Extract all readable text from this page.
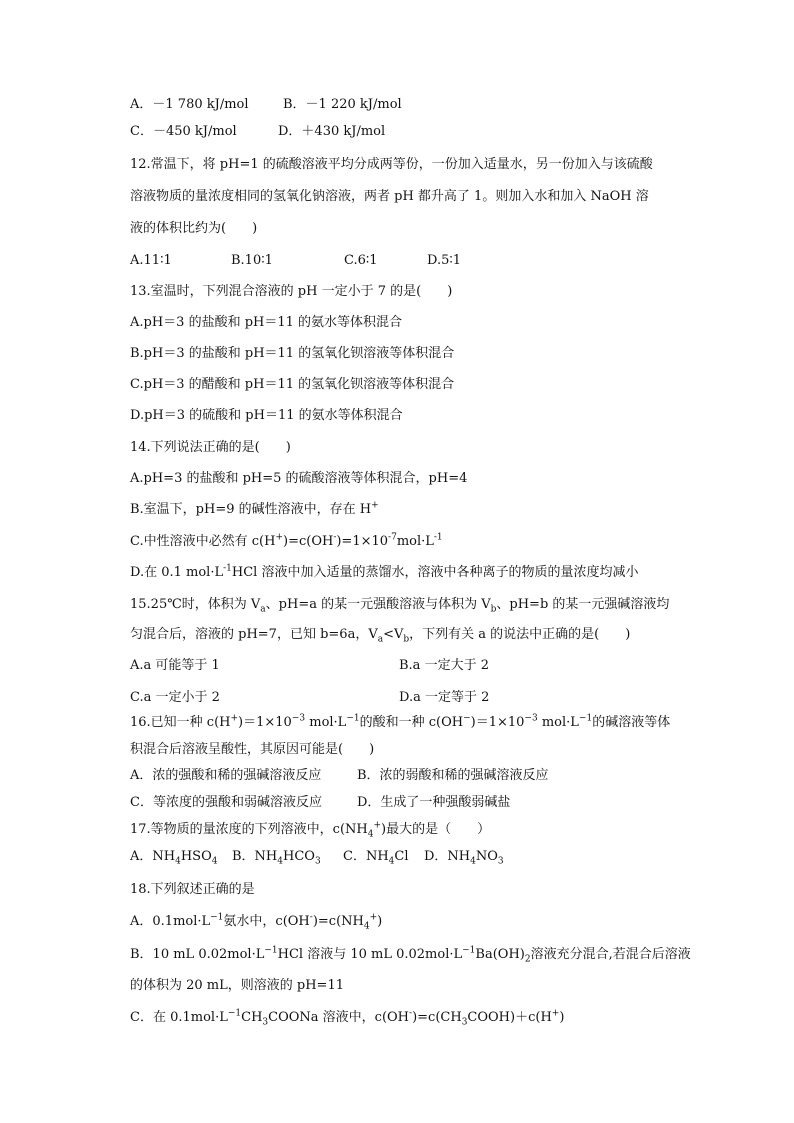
A．－1 780 kJ/mol	B．－1 220 kJ/mol
C．－450 kJ/mol	D．＋430 kJ/mol
12.常温下，将 pH=1 的硫酸溶液平均分成两等份，一份加入适量水，另一份加入与该硫酸
溶液物质的量浓度相同的氢氧化钠溶液，两者 pH 都升高了 1。则加入水和加入 NaOH 溶
液的体积比约为(　　)
A.11∶1	B.10∶1	C.6∶1	D.5∶1
13.室温时，下列混合溶液的 pH 一定小于 7 的是(　　)
A.pH＝3 的盐酸和 pH＝11 的氨水等体积混合
B.pH＝3 的盐酸和 pH＝11 的氢氧化钡溶液等体积混合
C.pH＝3 的醋酸和 pH＝11 的氢氧化钡溶液等体积混合
D.pH＝3 的硫酸和 pH＝11 的氨水等体积混合
14.下列说法正确的是(　　)
A.pH=3 的盐酸和 pH=5 的硫酸溶液等体积混合，pH=4
B.室温下，pH=9 的碱性溶液中，存在 H+
C.中性溶液中必然有 $c(H^+)=c(OH^-)=1\times 10^{-7}mol\cdot L^{-1}$
D.在 0.1 $mol\cdot L^{-1}HCl$ 溶液中加入适量的蒸馏水，溶液中各种离子的物质的量浓度均减小
15.25℃时，体积为 $V_a$、pH=a 的某一元强酸溶液与体积为 $V_b$、pH=b 的某一元强碱溶液均
匀混合后，溶液的 pH=7，已知 b=6a，$V_a<V_b$，下列有关 a 的说法中正确的是(　　)
A.a 可能等于 1	B.a 一定大于 2
C.a 一定小于 2	D.a 一定等于 2
16.已知一种 $c(H^+)=1\times 10^{-3}$ $mol\cdot L^{-1}$的酸和一种 $c(OH^-)=1\times 10^{-3}$ $mol\cdot L^{-1}$的碱溶液等体
积混合后溶液呈酸性，其原因可能是(　　)
A．浓的强酸和稀的强碱溶液反应	B．浓的弱酸和稀的强碱溶液反应
C．等浓度的强酸和弱碱溶液反应	D．生成了一种强酸弱碱盐
17.等物质的量浓度的下列溶液中，$c(NH_4^+)$最大的是（　　）
A．$NH_4HSO_4$ B．$NH_4HCO_3$ C．$NH_4Cl$ D．$NH_4NO_3$
18.下列叙述正确的是
A．$0.1mol\cdot L^{-1}$氨水中，$c(OH^-)=c(NH_4^+)$
B．10 mL $0.02mol\cdot L^{-1}HCl$ 溶液与 10 mL $0.02mol\cdot L^{-1}Ba(OH)_2$溶液充分混合,若混合后溶液
的体积为 20 mL，则溶液的 pH=11
C．在 $0.1mol\cdot L^{-1}CH_3COONa$ 溶液中，$c(OH^-)=c(CH_3COOH)+c(H^+)$
